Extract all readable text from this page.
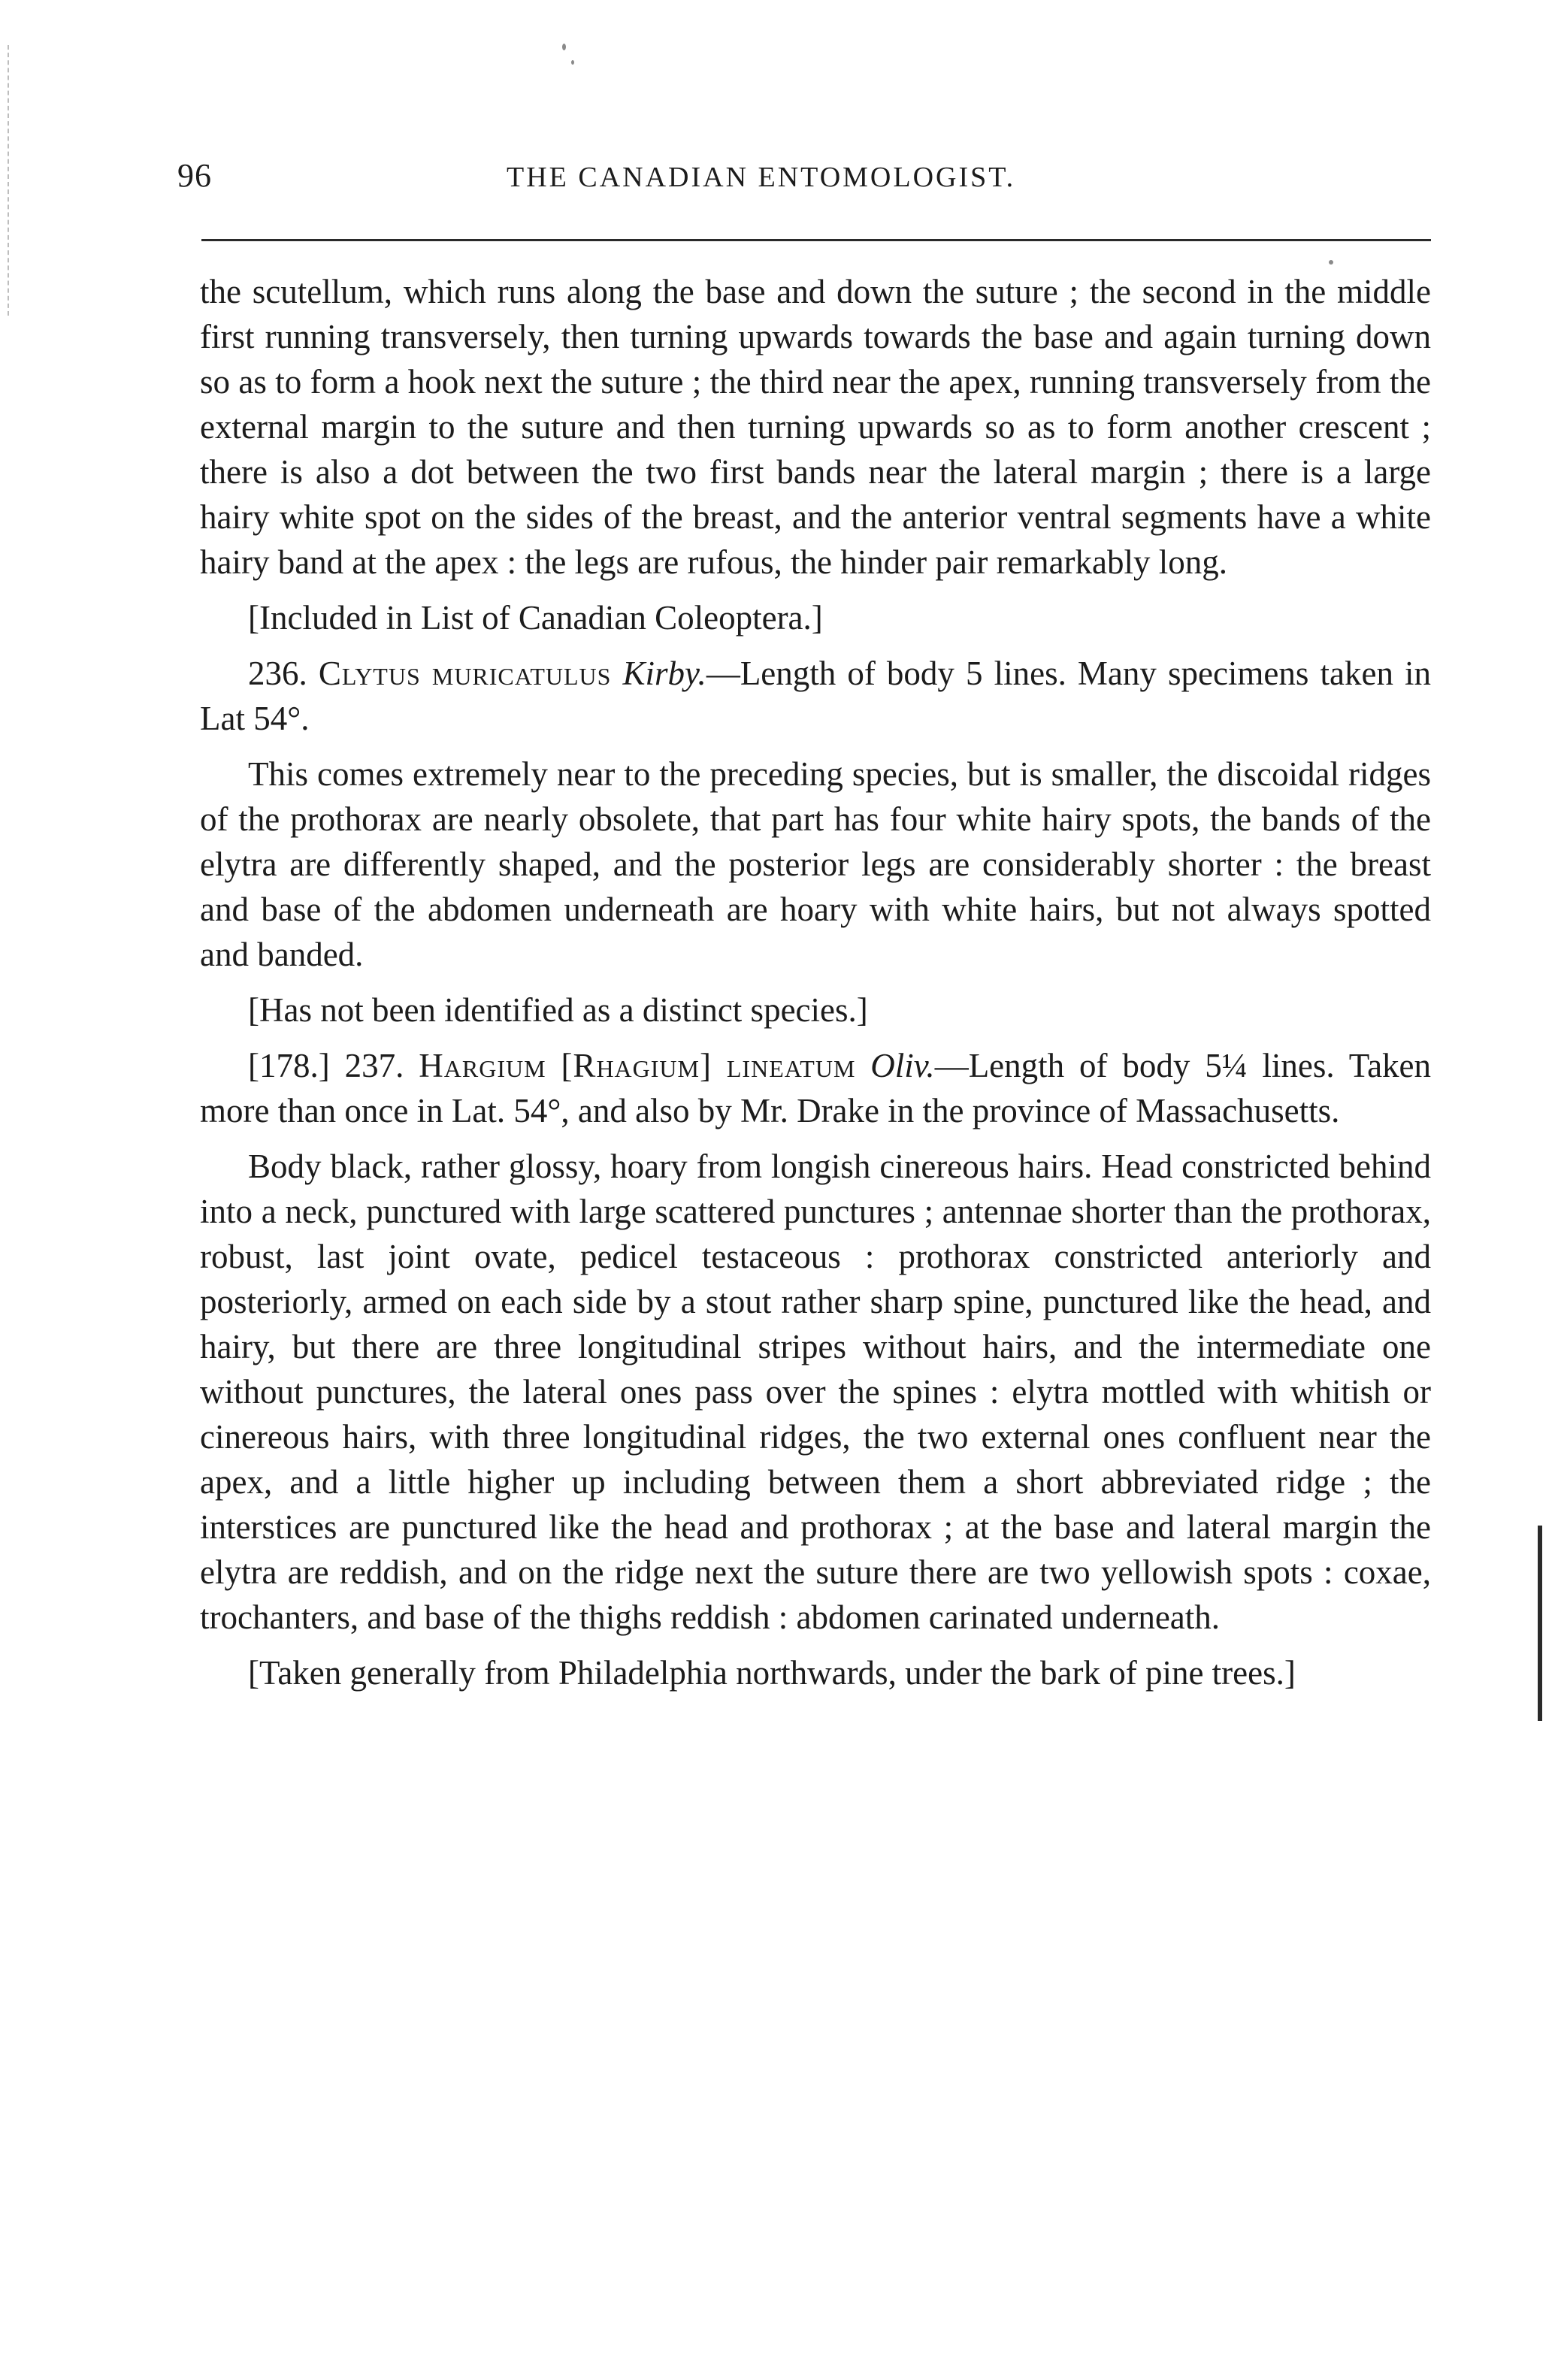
96	THE CANADIAN ENTOMOLOGIST.

the scutellum, which runs along the base and down the suture ; the second in the middle first running transversely, then turning upwards towards the base and again turning down so as to form a hook next the suture ; the third near the apex, running transversely from the external margin to the suture and then turning upwards so as to form another crescent ; there is also a dot between the two first bands near the lateral margin ; there is a large hairy white spot on the sides of the breast, and the anterior ventral segments have a white hairy band at the apex : the legs are rufous, the hinder pair remarkably long.

[Included in List of Canadian Coleoptera.]

236. Clytus muricatulus Kirby.—Length of body 5 lines. Many specimens taken in Lat 54°.

This comes extremely near to the preceding species, but is smaller, the discoidal ridges of the prothorax are nearly obsolete, that part has four white hairy spots, the bands of the elytra are differently shaped, and the posterior legs are considerably shorter : the breast and base of the abdomen underneath are hoary with white hairs, but not always spotted and banded.

[Has not been identified as a distinct species.]

[178.] 237. Hargium [Rhagium] lineatum Oliv.—Length of body 5¼ lines. Taken more than once in Lat. 54°, and also by Mr. Drake in the province of Massachusetts.

Body black, rather glossy, hoary from longish cinereous hairs. Head constricted behind into a neck, punctured with large scattered punctures ; antennae shorter than the prothorax, robust, last joint ovate, pedicel testaceous : prothorax constricted anteriorly and posteriorly, armed on each side by a stout rather sharp spine, punctured like the head, and hairy, but there are three longitudinal stripes without hairs, and the intermediate one without punctures, the lateral ones pass over the spines : elytra mottled with whitish or cinereous hairs, with three longitudinal ridges, the two external ones confluent near the apex, and a little higher up including between them a short abbreviated ridge ; the interstices are punctured like the head and prothorax ; at the base and lateral margin the elytra are reddish, and on the ridge next the suture there are two yellowish spots : coxae, trochanters, and base of the thighs reddish : abdomen carinated underneath.

[Taken generally from Philadelphia northwards, under the bark of pine trees.]
